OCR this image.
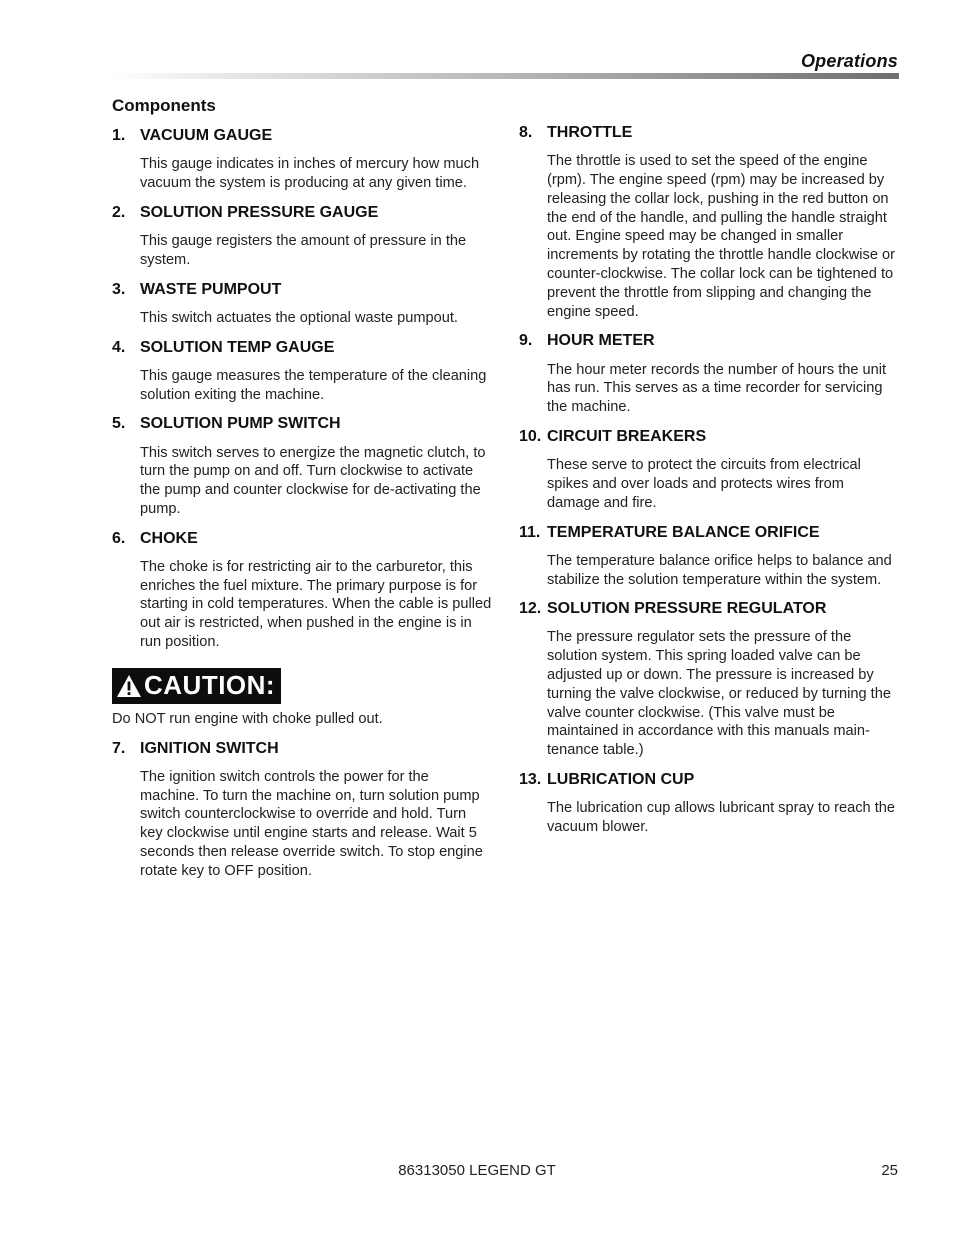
Operations
Components
1. VACUUM GAUGE
This gauge indicates in inches of mercury how much vacuum the system is producing at any given time.
2. SOLUTION PRESSURE GAUGE
This gauge registers the amount of pressure in the system.
3. WASTE PUMPOUT
This switch actuates the optional waste pumpout.
4. SOLUTION TEMP GAUGE
This gauge measures the temperature of the cleaning solution exiting the machine.
5. SOLUTION PUMP SWITCH
This switch serves to energize the magnetic clutch, to turn the pump on and off. Turn clockwise to activate the pump and counter clockwise for de-activating the pump.
6. CHOKE
The choke is for restricting air to the carburetor, this enriches the fuel mixture. The primary purpose is for starting in cold temperatures. When the cable is pulled out air is restricted, when pushed in the engine is in run position.
CAUTION:
Do NOT run engine with choke pulled out.
7. IGNITION SWITCH
The ignition switch controls the power for the machine. To turn the machine on, turn solution pump switch counterclockwise to override and hold. Turn key clockwise until engine starts and release. Wait 5 seconds then release override switch. To stop engine rotate key to OFF position.
8. THROTTLE
The throttle is used to set the speed of the engine (rpm). The engine speed (rpm) may be increased by releasing the collar lock, pushing in the red button on the end of the handle, and pulling the handle straight out. Engine speed may be changed in smaller increments by rotating the throttle handle clockwise or counter-clockwise. The collar lock can be tightened to prevent the throttle from slipping and changing the engine speed.
9. HOUR METER
The hour meter records the number of hours the unit has run. This serves as a time recorder for servicing the machine.
10. CIRCUIT BREAKERS
These serve to protect the circuits from electrical spikes and over loads and protects wires from damage and fire.
11. TEMPERATURE BALANCE ORIFICE
The temperature balance orifice helps to balance and stabilize the solution temperature within the system.
12. SOLUTION PRESSURE REGULATOR
The pressure regulator sets the pressure of the solution system. This spring loaded valve can be adjusted up or down. The pressure is increased by turning the valve clockwise, or reduced by turning the valve counter clockwise. (This valve must be maintained in accordance with this manuals main-tenance table.)
13. LUBRICATION CUP
The lubrication cup allows lubricant spray to reach the vacuum blower.
86313050 LEGEND GT	25
